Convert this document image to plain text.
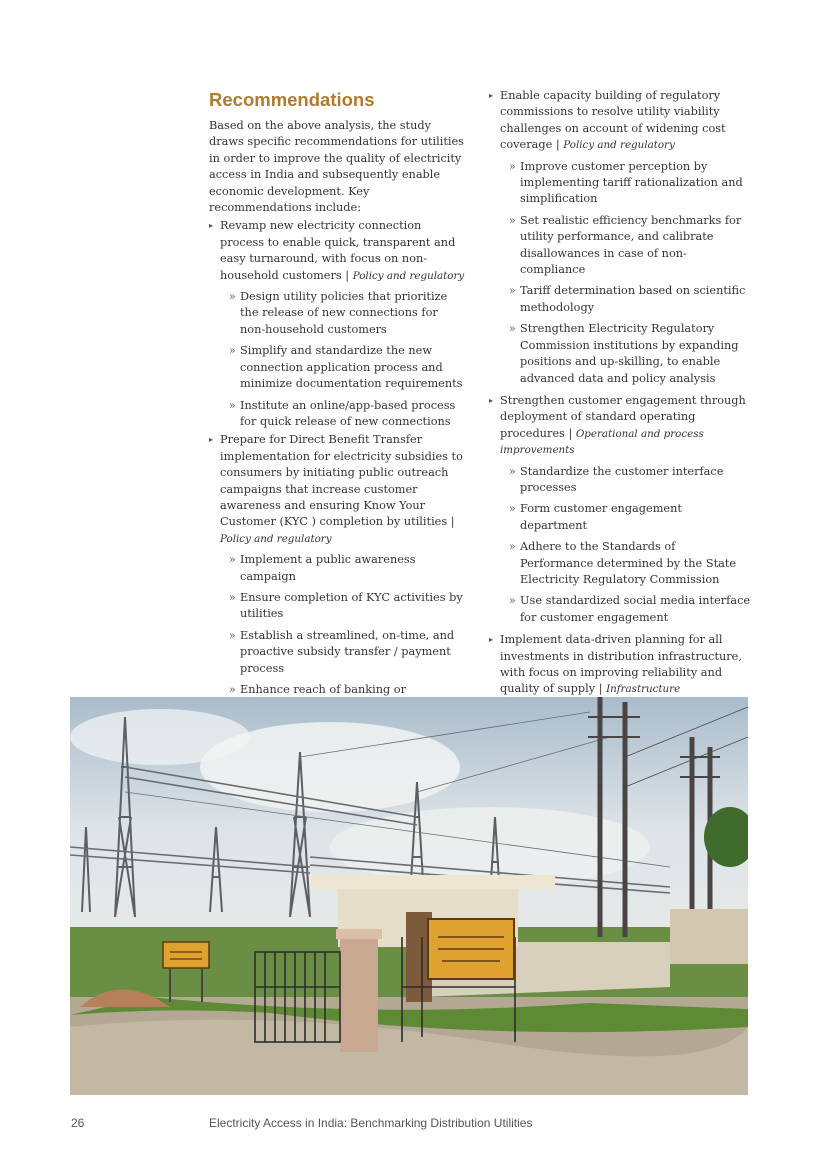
Recommendations

Based on the above analysis, the study draws specific recommendations for utilities in order to improve the quality of electricity access in India and subsequently enable economic development. Key recommendations include:

▸ Revamp new electricity connection process to enable quick, transparent and easy turnaround, with focus on non-household customers | Policy and regulatory

» Design utility policies that prioritize the release of new connections for non-household customers

» Simplify and standardize the new connection application process and minimize documentation requirements

» Institute an online/app-based process for quick release of new connections

▸ Prepare for Direct Benefit Transfer implementation for electricity subsidies to consumers by initiating public outreach campaigns that increase customer awareness and ensuring Know Your Customer (KYC ) completion by utilities | Policy and regulatory

» Implement a public awareness campaign

» Ensure completion of KYC activities by utilities

» Establish a streamlined, on-time, and proactive subsidy transfer / payment process

» Enhance reach of banking or

▸ Enable capacity building of regulatory commissions to resolve utility viability challenges on account of widening cost coverage | Policy and regulatory

» Improve customer perception by implementing tariff rationalization and simplification

» Set realistic efficiency benchmarks for utility performance, and calibrate disallowances in case of non-compliance

» Tariff determination based on scientific methodology

» Strengthen Electricity Regulatory Commission institutions by expanding positions and up-skilling, to enable advanced data and policy analysis

▸ Strengthen customer engagement through deployment of standard operating procedures | Operational and process improvements

» Standardize the customer interface processes

» Form customer engagement department

» Adhere to the Standards of Performance determined by the State Electricity Regulatory Commission

» Use standardized social media interface for customer engagement

▸ Implement data-driven planning for all investments in distribution infrastructure, with focus on improving reliability and quality of supply | Infrastructure

26	Electricity Access in India: Benchmarking Distribution Utilities
